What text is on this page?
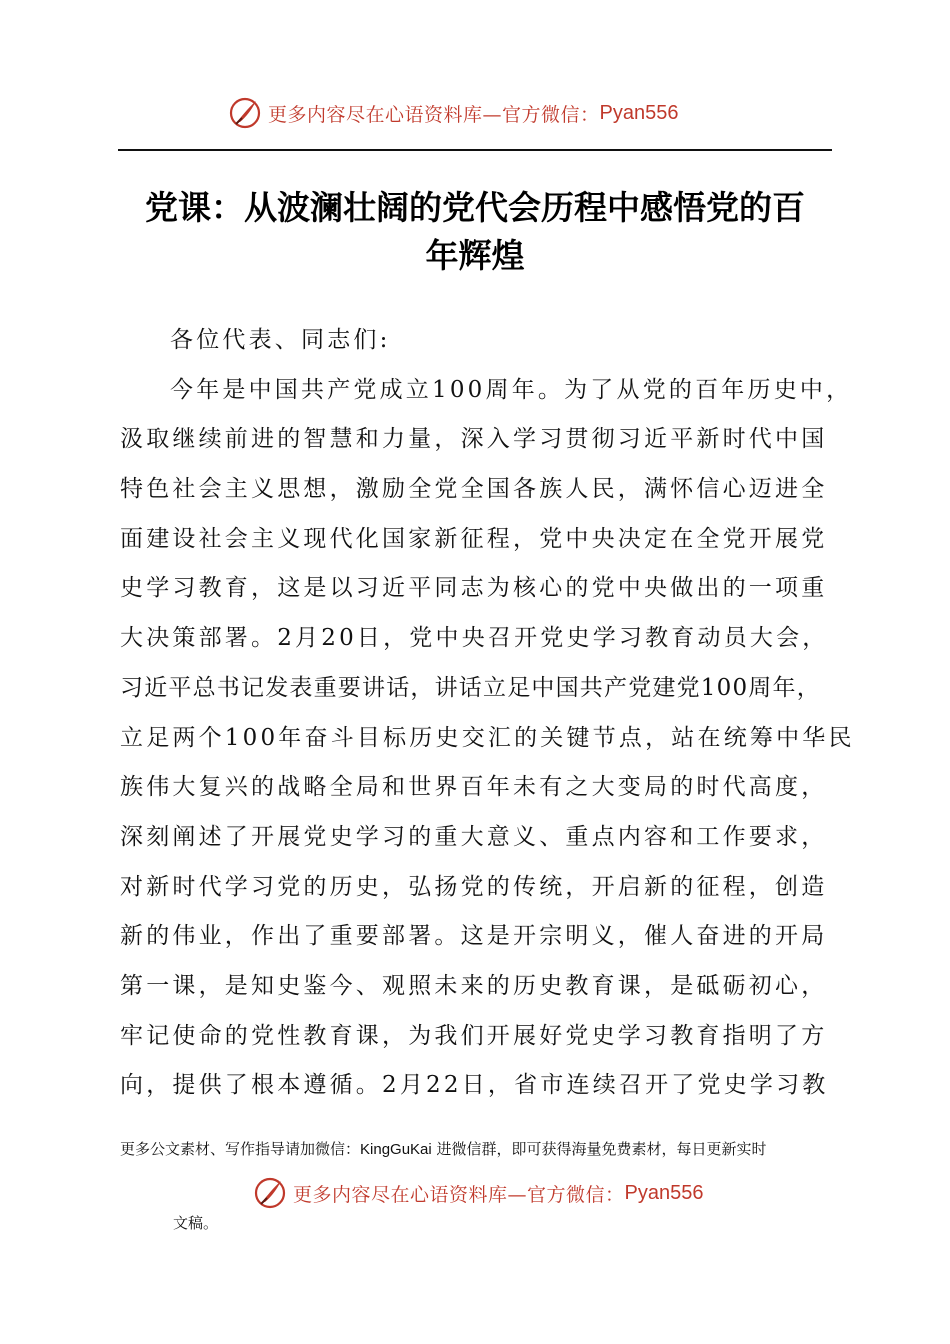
更多内容尽在心语资料库—官方微信： Pyan556
党课：从波澜壮阔的党代会历程中感悟党的百
年辉煌
各位代表、同志们:
今年是中国共产党成立100周年。为了从党的百年历史中，
汲取继续前进的智慧和力量，深入学习贯彻习近平新时代中国
特色社会主义思想，激励全党全国各族人民，满怀信心迈进全
面建设社会主义现代化国家新征程，党中央决定在全党开展党
史学习教育，这是以习近平同志为核心的党中央做出的一项重
大决策部署。2月20日，党中央召开党史学习教育动员大会，
习近平总书记发表重要讲话，讲话立足中国共产党建党100周年，
立足两个100年奋斗目标历史交汇的关键节点，站在统筹中华民
族伟大复兴的战略全局和世界百年未有之大变局的时代高度，
深刻阐述了开展党史学习的重大意义、重点内容和工作要求，
对新时代学习党的历史，弘扬党的传统，开启新的征程，创造
新的伟业，作出了重要部署。这是开宗明义，催人奋进的开局
第一课，是知史鉴今、观照未来的历史教育课，是砥砺初心，
牢记使命的党性教育课，为我们开展好党史学习教育指明了方
向，提供了根本遵循。2月22日，省市连续召开了党史学习教
更多公文素材、写作指导请加微信：KingGuKai 进微信群，即可获得海量免费素材，每日更新实时
更多内容尽在心语资料库—官方微信： Pyan556
文稿。
